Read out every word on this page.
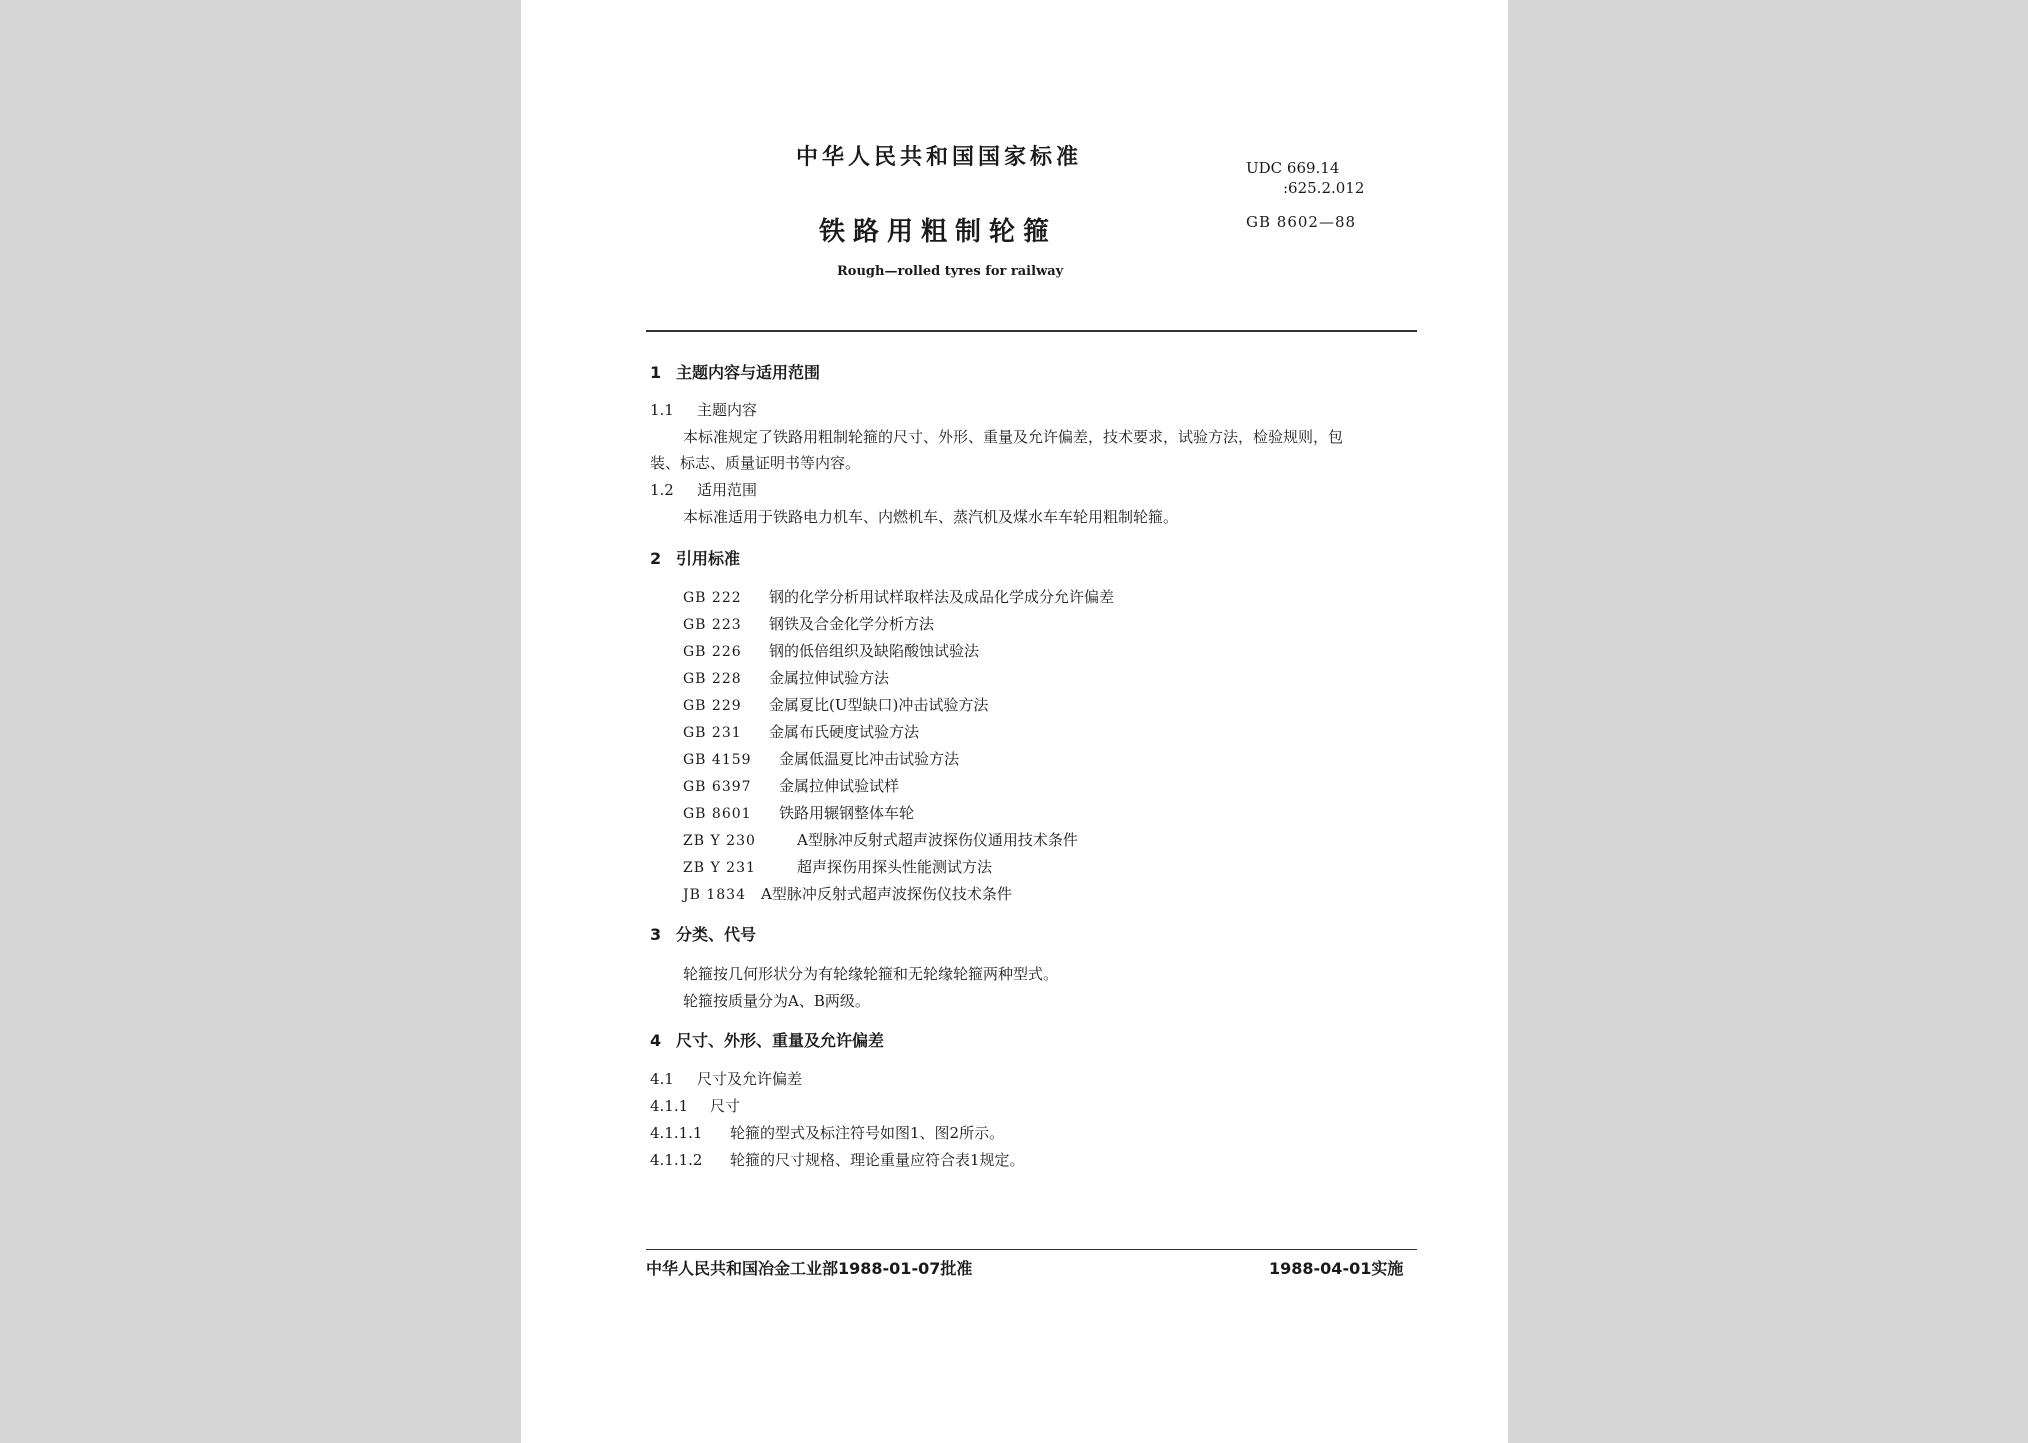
中华人民共和国国家标准	UDC 669.14
:625.2.012
铁路用粗制轮箍	GB 8602—88
Rough—rolled tyres for railway
1 主题内容与适用范围
1.1 主题内容
本标准规定了铁路用粗制轮箍的尺寸、外形、重量及允许偏差，技术要求，试验方法，检验规则，包
装、标志、质量证明书等内容。
1.2 适用范围
本标准适用于铁路电力机车、内燃机车、蒸汽机及煤水车车轮用粗制轮箍。
2 引用标准
GB 222 钢的化学分析用试样取样法及成品化学成分允许偏差
GB 223 钢铁及合金化学分析方法
GB 226 钢的低倍组织及缺陷酸蚀试验法
GB 228 金属拉伸试验方法
GB 229 金属夏比(U型缺口)冲击试验方法
GB 231 金属布氏硬度试验方法
GB 4159 金属低温夏比冲击试验方法
GB 6397 金属拉伸试验试样
GB 8601 铁路用辗钢整体车轮
ZB Y 230	A型脉冲反射式超声波探伤仪通用技术条件
ZB Y 231	超声探伤用探头性能测试方法
JB 1834 A型脉冲反射式超声波探伤仪技术条件
3 分类、代号
轮箍按几何形状分为有轮缘轮箍和无轮缘轮箍两种型式。
轮箍按质量分为A、B两级。
4 尺寸、外形、重量及允许偏差
4.1 尺寸及允许偏差
4.1.1 尺寸
4.1.1.1 轮箍的型式及标注符号如图1、图2所示。
4.1.1.2 轮箍的尺寸规格、理论重量应符合表1规定。
中华人民共和国冶金工业部1988-01-07批准	1988-04-01实施
